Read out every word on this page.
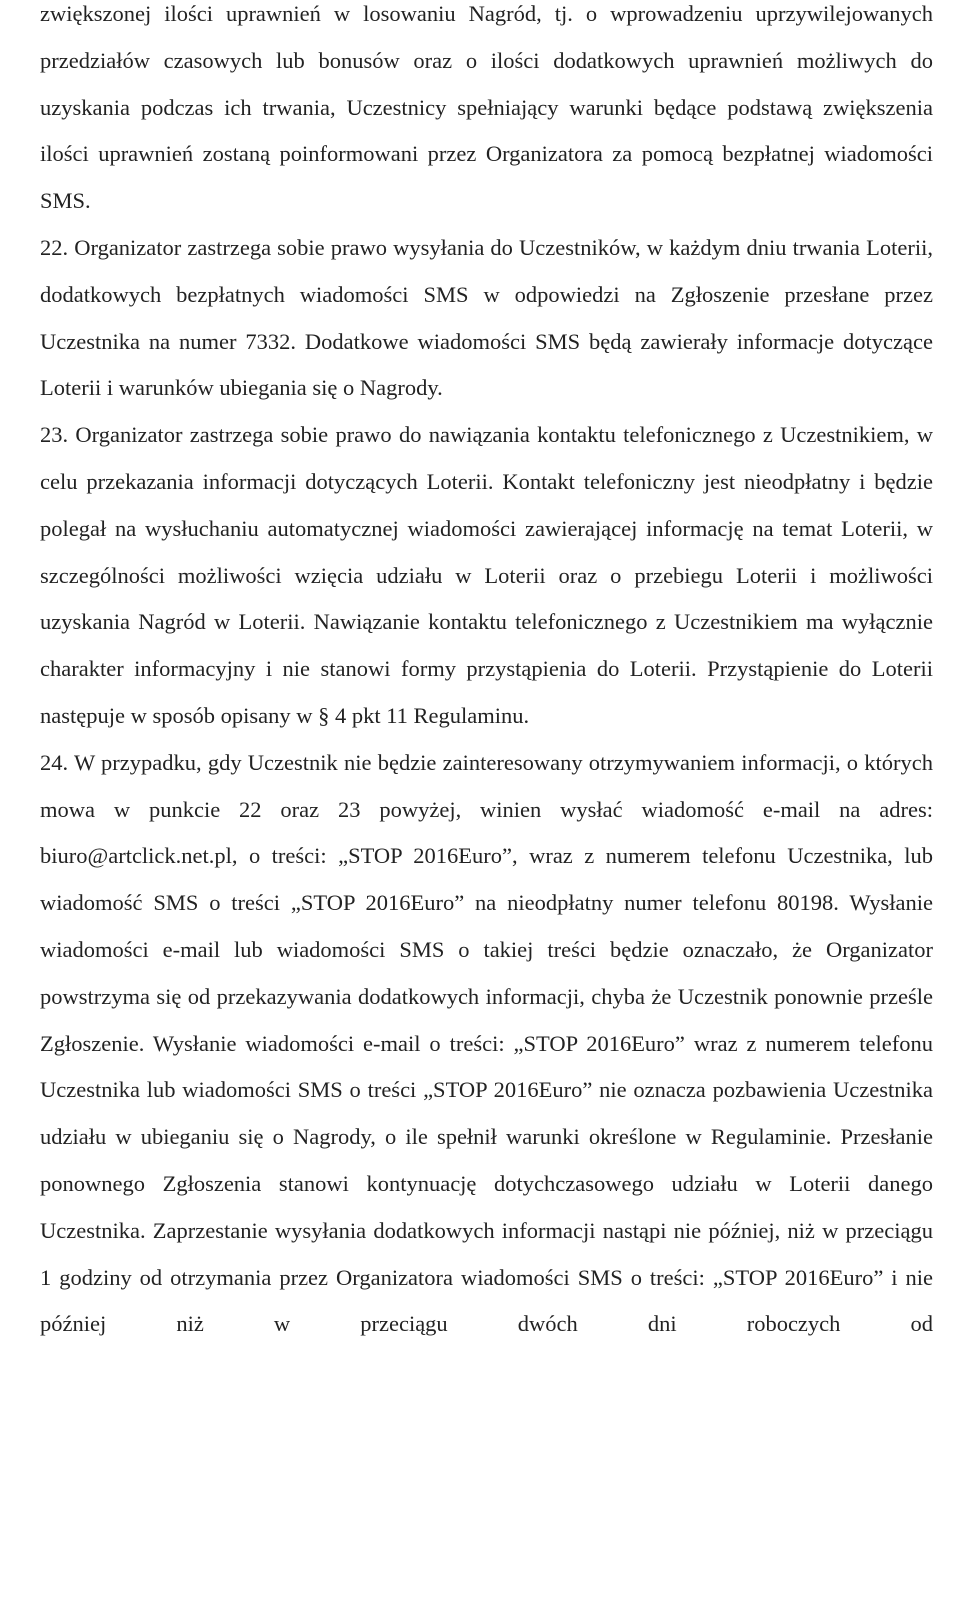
zwiększonej ilości uprawnień w losowaniu Nagród, tj. o wprowadzeniu uprzywilejowanych przedziałów czasowych lub bonusów oraz o ilości dodatkowych uprawnień możliwych do uzyskania podczas ich trwania, Uczestnicy spełniający warunki będące podstawą zwiększenia ilości uprawnień zostaną poinformowani przez Organizatora za pomocą bezpłatnej wiadomości SMS.

22. Organizator zastrzega sobie prawo wysyłania do Uczestników, w każdym dniu trwania Loterii, dodatkowych bezpłatnych wiadomości SMS w odpowiedzi na Zgłoszenie przesłane przez Uczestnika na numer 7332. Dodatkowe wiadomości SMS będą zawierały informacje dotyczące Loterii i warunków ubiegania się o Nagrody.

23. Organizator zastrzega sobie prawo do nawiązania kontaktu telefonicznego z Uczestnikiem, w celu przekazania informacji dotyczących Loterii. Kontakt telefoniczny jest nieodpłatny i będzie polegał na wysłuchaniu automatycznej wiadomości zawierającej informację na temat Loterii, w szczególności możliwości wzięcia udziału w Loterii oraz o przebiegu Loterii i możliwości uzyskania Nagród w Loterii. Nawiązanie kontaktu telefonicznego z Uczestnikiem ma wyłącznie charakter informacyjny i nie stanowi formy przystąpienia do Loterii. Przystąpienie do Loterii następuje w sposób opisany w § 4 pkt 11 Regulaminu.

24. W przypadku, gdy Uczestnik nie będzie zainteresowany otrzymywaniem informacji, o których mowa w punkcie 22 oraz 23 powyżej, winien wysłać wiadomość e-mail na adres: biuro@artclick.net.pl, o treści: „STOP 2016Euro”, wraz z numerem telefonu Uczestnika, lub wiadomość SMS o treści „STOP 2016Euro” na nieodpłatny numer telefonu 80198. Wysłanie wiadomości e-mail lub wiadomości SMS o takiej treści będzie oznaczało, że Organizator powstrzyma się od przekazywania dodatkowych informacji, chyba że Uczestnik ponownie prześle Zgłoszenie. Wysłanie wiadomości e-mail o treści: „STOP 2016Euro” wraz z numerem telefonu Uczestnika lub wiadomości SMS o treści „STOP 2016Euro” nie oznacza pozbawienia Uczestnika udziału w ubieganiu się o Nagrody, o ile spełnił warunki określone w Regulaminie. Przesłanie ponownego Zgłoszenia stanowi kontynuację dotychczasowego udziału w Loterii danego Uczestnika. Zaprzestanie wysyłania dodatkowych informacji nastąpi nie później, niż w przeciągu 1 godziny od otrzymania przez Organizatora wiadomości SMS o treści: „STOP 2016Euro” i nie później niż w przeciągu dwóch dni roboczych od
